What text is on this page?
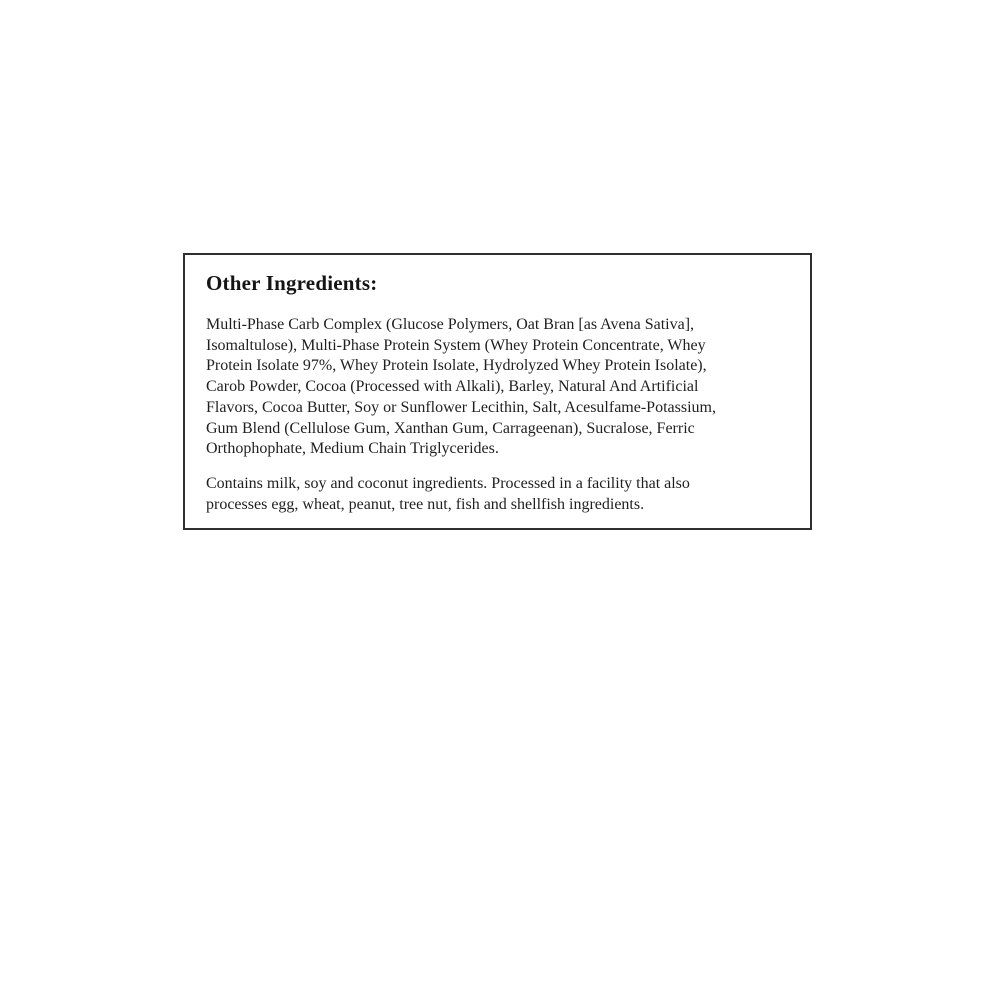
Other Ingredients:

Multi-Phase Carb Complex (Glucose Polymers, Oat Bran [as Avena Sativa],
Isomaltulose), Multi-Phase Protein System (Whey Protein Concentrate, Whey
Protein Isolate 97%, Whey Protein Isolate, Hydrolyzed Whey Protein Isolate),
Carob Powder, Cocoa (Processed with Alkali), Barley, Natural And Artificial
Flavors, Cocoa Butter, Soy or Sunflower Lecithin, Salt, Acesulfame-Potassium,
Gum Blend (Cellulose Gum, Xanthan Gum, Carrageenan), Sucralose, Ferric
Orthophophate, Medium Chain Triglycerides.

Contains milk, soy and coconut ingredients. Processed in a facility that also
processes egg, wheat, peanut, tree nut, fish and shellfish ingredients.
